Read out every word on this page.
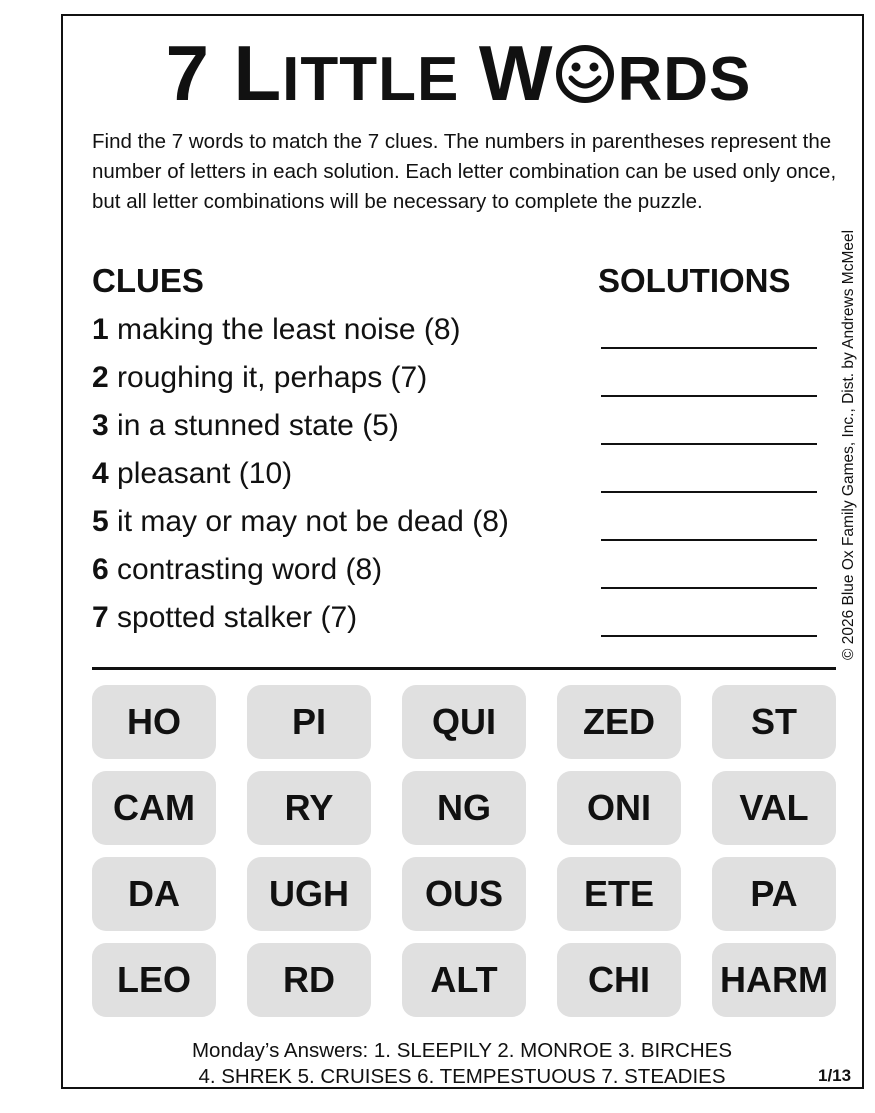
7 LITTLE W RDS
Find the 7 words to match the 7 clues. The numbers in parentheses represent the number of letters in each solution. Each letter combination can be used only once, but all letter combinations will be necessary to complete the puzzle.
© 2026 Blue Ox Family Games, Inc., Dist. by Andrews McMeel
CLUES	SOLUTIONS
1 making the least noise (8)
2 roughing it, perhaps (7)
3 in a stunned state (5)
4 pleasant (10)
5 it may or may not be dead (8)
6 contrasting word (8)
7 spotted stalker (7)
HO	PI	QUI	ZED	ST
CAM	RY	NG	ONI	VAL
DA	UGH	OUS	ETE	PA
LEO	RD	ALT	CHI	HARM
Monday’s Answers: 1. SLEEPILY 2. MONROE 3. BIRCHES
4. SHREK 5. CRUISES 6. TEMPESTUOUS 7. STEADIES	1/13
